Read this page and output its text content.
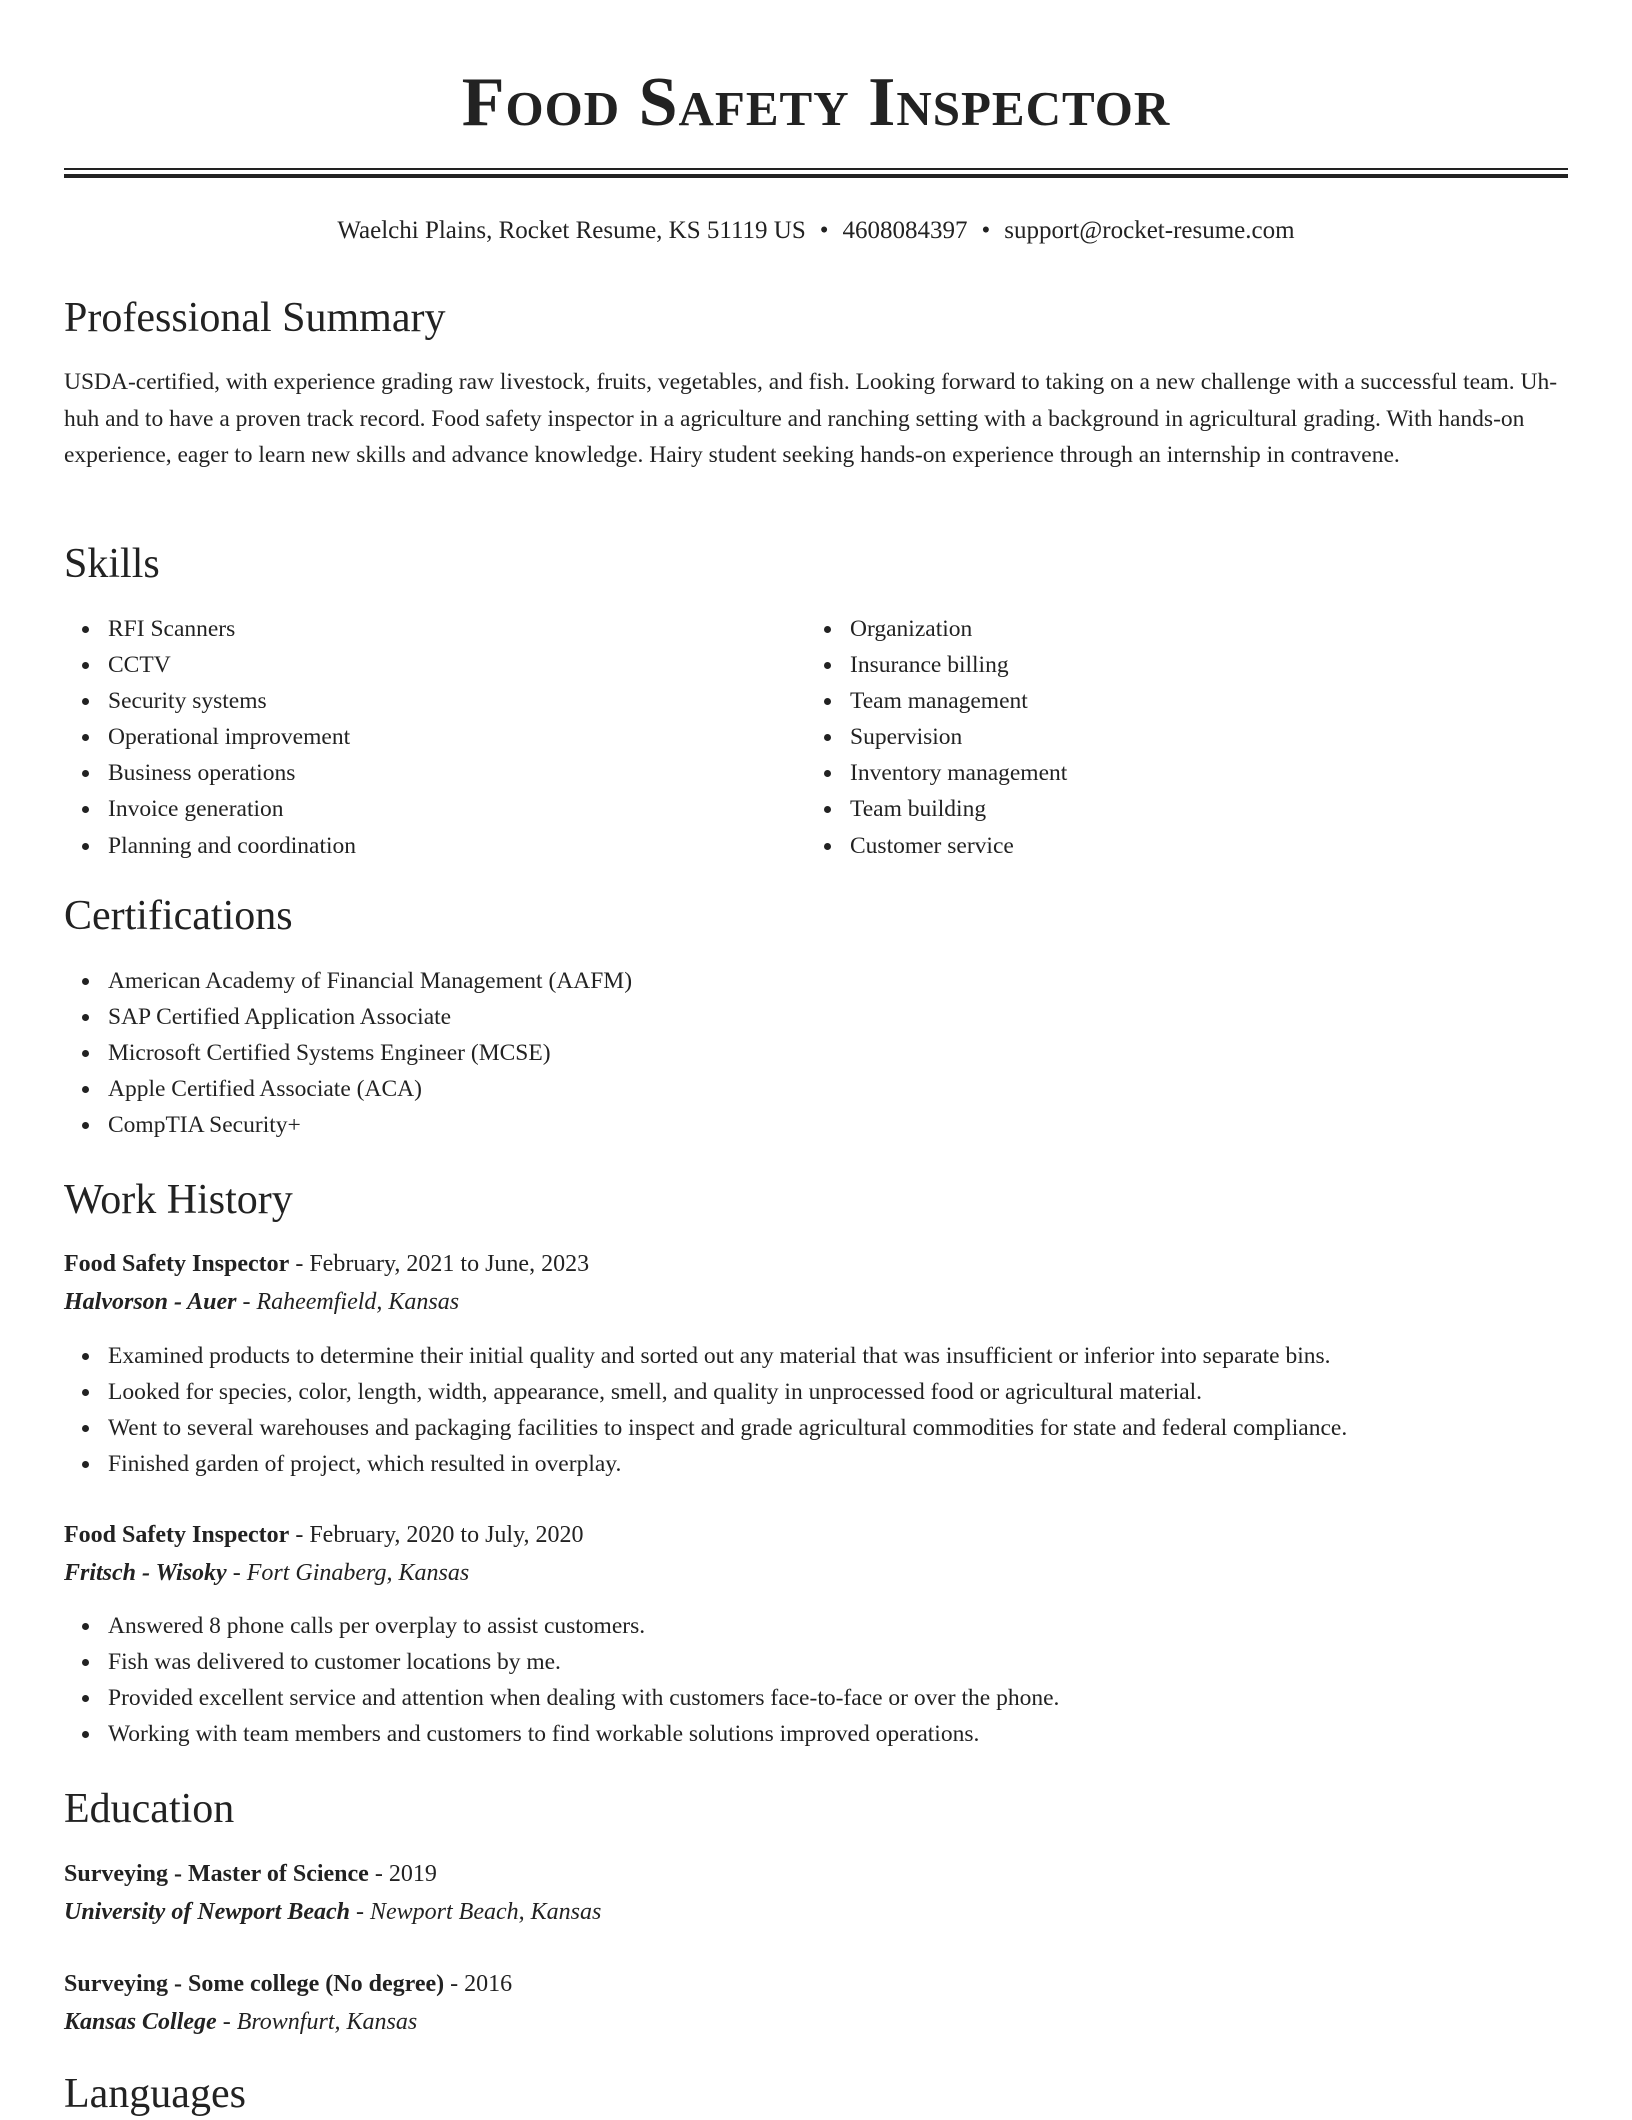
Food Safety Inspector
Waelchi Plains, Rocket Resume, KS 51119 US • 4608084397 • support@rocket-resume.com
Professional Summary

USDA-certified, with experience grading raw livestock, fruits, vegetables, and fish. Looking forward to taking on a new challenge with a successful team. Uh-huh and to have a proven track record. Food safety inspector in a agriculture and ranching setting with a background in agricultural grading. With hands-on experience, eager to learn new skills and advance knowledge. Hairy student seeking hands-on experience through an internship in contravene.

Skills
RFI Scanners
CCTV
Security systems
Operational improvement
Business operations
Invoice generation
Planning and coordination
Organization
Insurance billing
Team management
Supervision
Inventory management
Team building
Customer service
Certifications
American Academy of Financial Management (AAFM)
SAP Certified Application Associate
Microsoft Certified Systems Engineer (MCSE)
Apple Certified Associate (ACA)
CompTIA Security+
Work History

Food Safety Inspector - February, 2021 to June, 2023

Halvorson - Auer - Raheemfield, Kansas

Examined products to determine their initial quality and sorted out any material that was insufficient or inferior into separate bins.
Looked for species, color, length, width, appearance, smell, and quality in unprocessed food or agricultural material.
Went to several warehouses and packaging facilities to inspect and grade agricultural commodities for state and federal compliance.
Finished garden of project, which resulted in overplay.

Food Safety Inspector - February, 2020 to July, 2020

Fritsch - Wisoky - Fort Ginaberg, Kansas

Answered 8 phone calls per overplay to assist customers.
Fish was delivered to customer locations by me.
Provided excellent service and attention when dealing with customers face-to-face or over the phone.
Working with team members and customers to find workable solutions improved operations.
Education

Surveying - Master of Science - 2019

University of Newport Beach - Newport Beach, Kansas

Surveying - Some college (No degree) - 2016

Kansas College - Brownfurt, Kansas

Languages
